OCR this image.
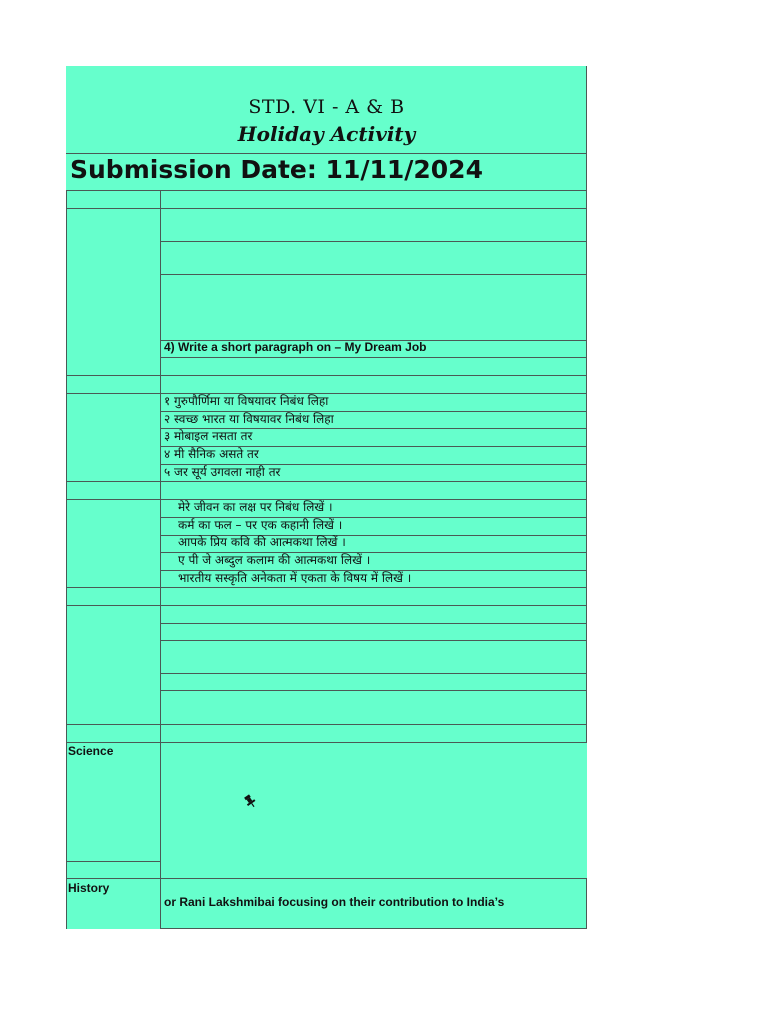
STD. VI - A & B
Holiday Activity
Submission Date: 11/11/2024
4) Write a short paragraph on – My Dream Job
१ गुरुपौर्णिमा या विषयावर निबंध लिहा
२ स्वच्छ भारत या विषयावर निबंध लिहा
३ मोबाइल नसता तर
४ मी सैनिक असते तर
५ जर सूर्य उगवला नाही तर
मेरे जीवन का लक्ष पर निबंध लिखें ।
कर्म का फल – पर एक कहानी लिखें ।
आपके प्रिय कवि की आत्मकथा लिखें ।
ए पी जे अब्दुल कलाम की आत्मकथा लिखें ।
भारतीय सस्कृति अनेकता में एकता के विषय में लिखें ।
Science
History
or Rani Lakshmibai focusing on their contribution to India’s
